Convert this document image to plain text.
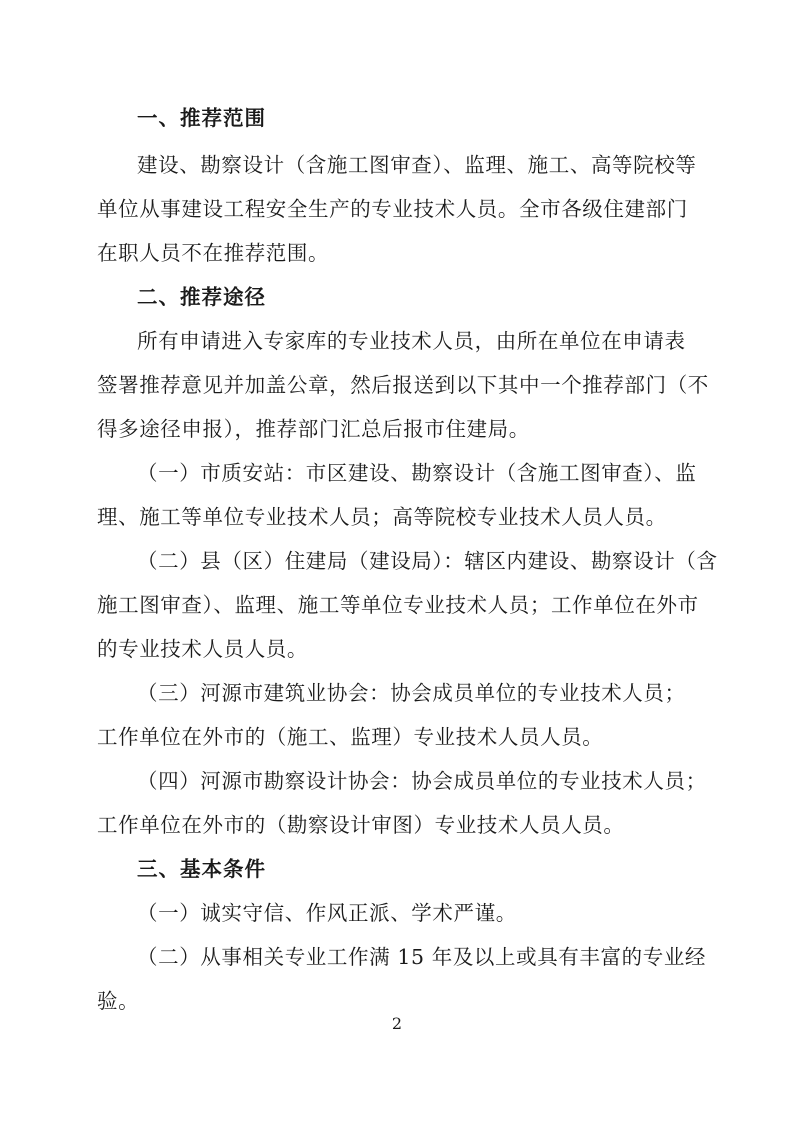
一、推荐范围
建设、勘察设计（含施工图审查）、监理、施工、高等院校等
单位从事建设工程安全生产的专业技术人员。全市各级住建部门
在职人员不在推荐范围。
二、推荐途径
所有申请进入专家库的专业技术人员，由所在单位在申请表
签署推荐意见并加盖公章，然后报送到以下其中一个推荐部门（不
得多途径申报），推荐部门汇总后报市住建局。
（一）市质安站：市区建设、勘察设计（含施工图审查）、监
理、施工等单位专业技术人员；高等院校专业技术人员人员。
（二）县（区）住建局（建设局）：辖区内建设、勘察设计（含
施工图审查）、监理、施工等单位专业技术人员；工作单位在外市
的专业技术人员人员。
（三）河源市建筑业协会：协会成员单位的专业技术人员；
工作单位在外市的（施工、监理）专业技术人员人员。
（四）河源市勘察设计协会：协会成员单位的专业技术人员；
工作单位在外市的（勘察设计审图）专业技术人员人员。
三、基本条件
（一）诚实守信、作风正派、学术严谨。
（二）从事相关专业工作满 15 年及以上或具有丰富的专业经
验。
2
